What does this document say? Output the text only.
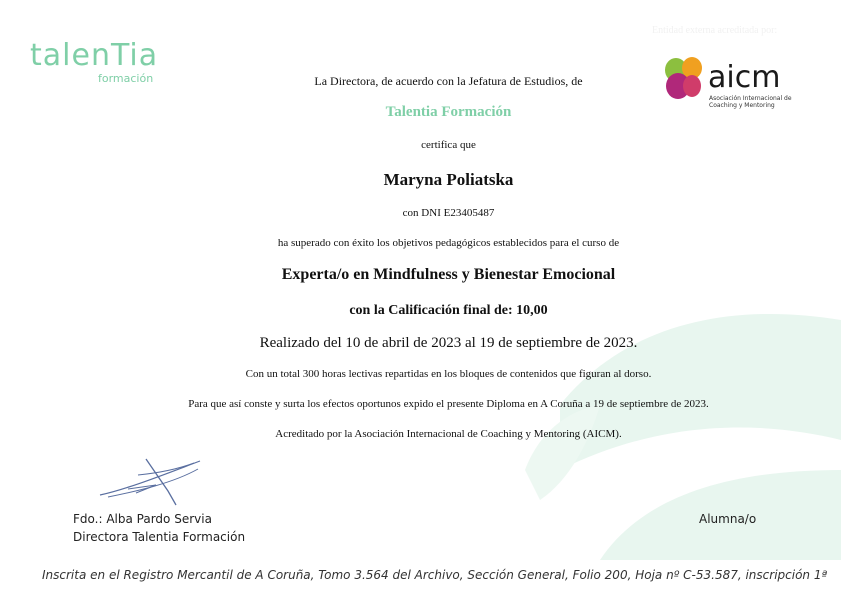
talenTia
formación
Entidad externa acreditada por:
aicm
Asociación Internacional de Coaching y Mentoring
La Directora, de acuerdo con la Jefatura de Estudios, de
Talentia Formación
certifica que
Maryna Poliatska
con DNI E23405487
ha superado con éxito los objetivos pedagógicos establecidos para el curso de
Experta/o en Mindfulness y Bienestar Emocional
con la Calificación final de: 10,00
Realizado del 10 de abril de 2023 al 19 de septiembre de 2023.
Con un total 300 horas lectivas repartidas en los bloques de contenidos que figuran al dorso.
Para que así conste y surta los efectos oportunos expido el presente Diploma en A Coruña a 19 de septiembre de 2023.
Acreditado por la Asociación Internacional de Coaching y Mentoring (AICM).
Fdo.: Alba Pardo Servia
Directora Talentia Formación
Alumna/o
Inscrita en el Registro Mercantil de A Coruña, Tomo 3.564 del Archivo, Sección General, Folio 200, Hoja nº C-53.587, inscripción 1ª
